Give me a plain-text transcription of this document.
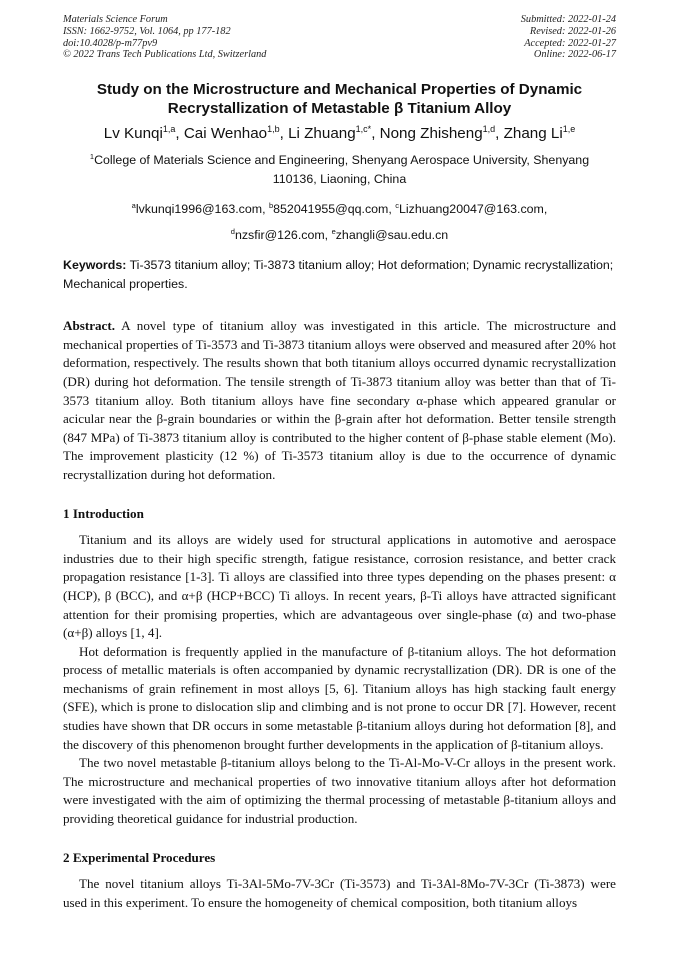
Materials Science Forum
ISSN: 1662-9752, Vol. 1064, pp 177-182
doi:10.4028/p-m77pv9
© 2022 Trans Tech Publications Ltd, Switzerland
Submitted: 2022-01-24
Revised: 2022-01-26
Accepted: 2022-01-27
Online: 2022-06-17
Study on the Microstructure and Mechanical Properties of Dynamic Recrystallization of Metastable β Titanium Alloy
Lv Kunqi$^{1,a}$, Cai Wenhao$^{1,b}$, Li Zhuang$^{1,c*}$, Nong Zhisheng$^{1,d}$, Zhang Li$^{1,e}$
$^1$College of Materials Science and Engineering, Shenyang Aerospace University, Shenyang 110136, Liaoning, China
$^a$lvkunqi1996@163.com, $^b$852041955@qq.com, $^c$Lizhuang20047@163.com,
$^d$nzsfir@126.com, $^e$zhangli@sau.edu.cn
Keywords: Ti-3573 titanium alloy; Ti-3873 titanium alloy; Hot deformation; Dynamic recrystallization; Mechanical properties.
Abstract. A novel type of titanium alloy was investigated in this article. The microstructure and mechanical properties of Ti-3573 and Ti-3873 titanium alloys were observed and measured after 20% hot deformation, respectively. The results shown that both titanium alloys occurred dynamic recrystallization (DR) during hot deformation. The tensile strength of Ti-3873 titanium alloy was better than that of Ti-3573 titanium alloy. Both titanium alloys have fine secondary α-phase which appeared granular or acicular near the β-grain boundaries or within the β-grain after hot deformation. Better tensile strength (847 MPa) of Ti-3873 titanium alloy is contributed to the higher content of β-phase stable element (Mo). The improvement plasticity (12 %) of Ti-3573 titanium alloy is due to the occurrence of dynamic recrystallization during hot deformation.
1 Introduction

Titanium and its alloys are widely used for structural applications in automotive and aerospace industries due to their high specific strength, fatigue resistance, corrosion resistance, and better crack propagation resistance [1-3]. Ti alloys are classified into three types depending on the phases present: α (HCP), β (BCC), and α+β (HCP+BCC) Ti alloys. In recent years, β-Ti alloys have attracted significant attention for their promising properties, which are advantageous over single-phase (α) and two-phase (α+β) alloys [1, 4].

Hot deformation is frequently applied in the manufacture of β-titanium alloys. The hot deformation process of metallic materials is often accompanied by dynamic recrystallization (DR). DR is one of the mechanisms of grain refinement in most alloys [5, 6]. Titanium alloys has high stacking fault energy (SFE), which is prone to dislocation slip and climbing and is not prone to occur DR [7]. However, recent studies have shown that DR occurs in some metastable β-titanium alloys during hot deformation [8], and the discovery of this phenomenon brought further developments in the application of β-titanium alloys.

The two novel metastable β-titanium alloys belong to the Ti-Al-Mo-V-Cr alloys in the present work. The microstructure and mechanical properties of two innovative titanium alloys after hot deformation were investigated with the aim of optimizing the thermal processing of metastable β-titanium alloys and providing theoretical guidance for industrial production.

2 Experimental Procedures

The novel titanium alloys Ti-3Al-5Mo-7V-3Cr (Ti-3573) and Ti-3Al-8Mo-7V-3Cr (Ti-3873) were used in this experiment. To ensure the homogeneity of chemical composition, both titanium alloys
